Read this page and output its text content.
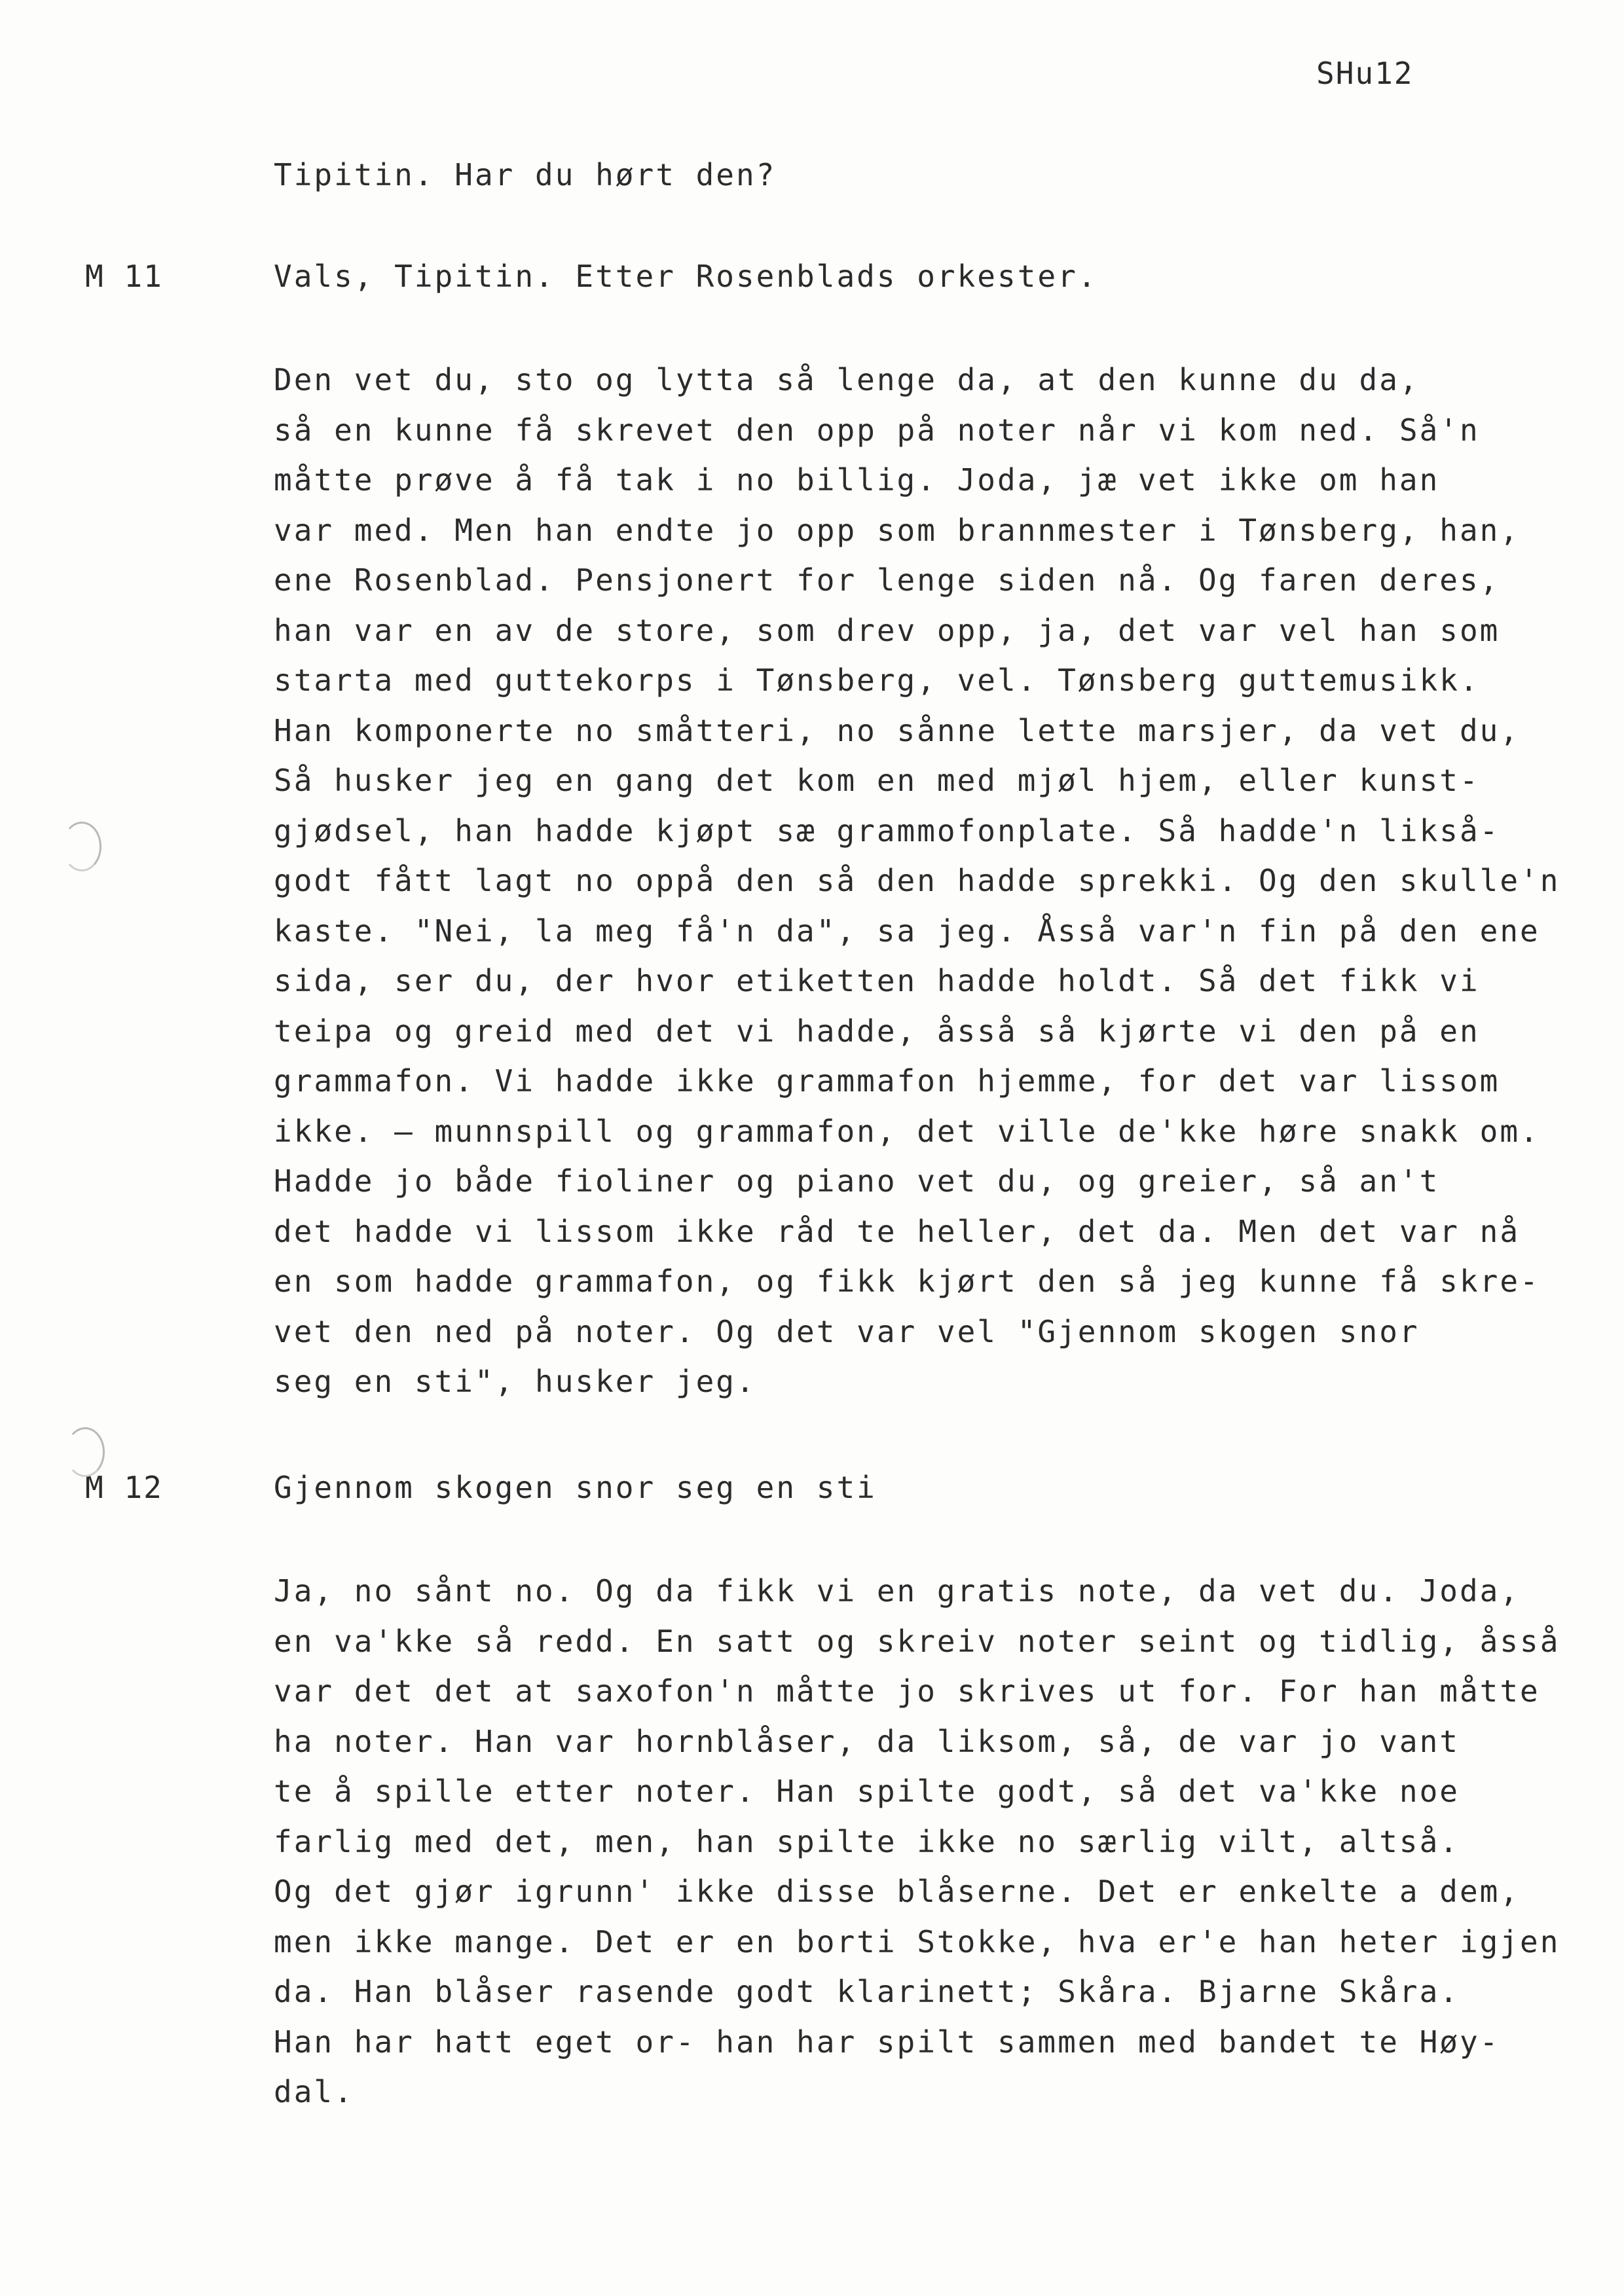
SHu12
Tipitin. Har du hørt den?
M 11	Vals, Tipitin. Etter Rosenblads orkester.
Den vet du, sto og lytta så lenge da, at den kunne du da,
så en kunne få skrevet den opp på noter når vi kom ned. Så'n
måtte prøve å få tak i no billig. Joda, jæ vet ikke om han
var med. Men han endte jo opp som brannmester i Tønsberg, han,
ene Rosenblad. Pensjonert for lenge siden nå. Og faren deres,
han var en av de store, som drev opp, ja, det var vel han som
starta med guttekorps i Tønsberg, vel. Tønsberg guttemusikk.
Han komponerte no småtteri, no sånne lette marsjer, da vet du,
Så husker jeg en gang det kom en med mjøl hjem, eller kunst-
gjødsel, han hadde kjøpt sæ grammofonplate. Så hadde'n likså-
godt fått lagt no oppå den så den hadde sprekki. Og den skulle'n
kaste. "Nei, la meg få'n da", sa jeg. Åsså var'n fin på den ene
sida, ser du, der hvor etiketten hadde holdt. Så det fikk vi
teipa og greid med det vi hadde, åsså så kjørte vi den på en
grammafon. Vi hadde ikke grammafon hjemme, for det var lissom
ikke. — munnspill og grammafon, det ville de'kke høre snakk om.
Hadde jo både fioliner og piano vet du, og greier, så an't
det hadde vi lissom ikke råd te heller, det da. Men det var nå
en som hadde grammafon, og fikk kjørt den så jeg kunne få skre-
vet den ned på noter. Og det var vel "Gjennom skogen snor
seg en sti", husker jeg.
M 12	Gjennom skogen snor seg en sti
Ja, no sånt no. Og da fikk vi en gratis note, da vet du. Joda,
en va'kke så redd. En satt og skreiv noter seint og tidlig, åsså
var det det at saxofon'n måtte jo skrives ut for. For han måtte
ha noter. Han var hornblåser, da liksom, så, de var jo vant
te å spille etter noter. Han spilte godt, så det va'kke noe
farlig med det, men, han spilte ikke no særlig vilt, altså.
Og det gjør igrunn' ikke disse blåserne. Det er enkelte a dem,
men ikke mange. Det er en borti Stokke, hva er'e han heter igjen
da. Han blåser rasende godt klarinett; Skåra. Bjarne Skåra.
Han har hatt eget or- han har spilt sammen med bandet te Høy-
dal.
